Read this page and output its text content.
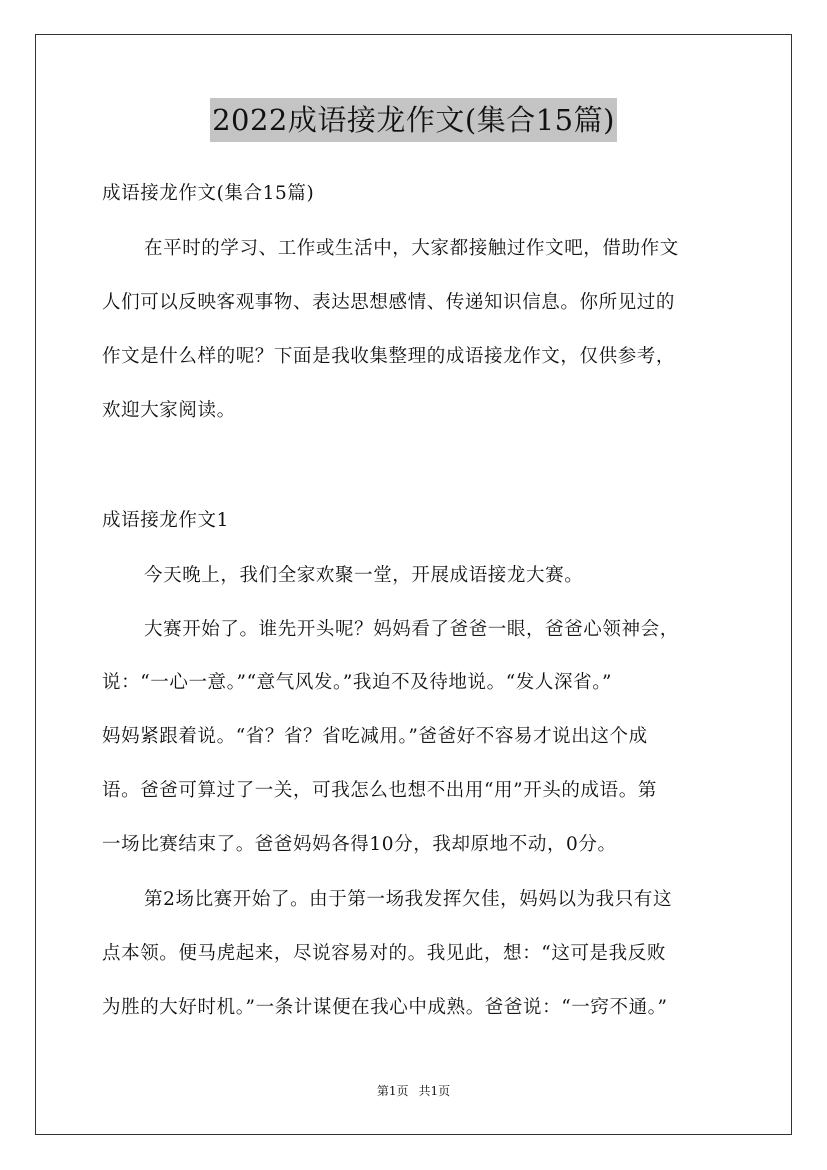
2022成语接龙作文(集合15篇)
成语接龙作文(集合15篇)
在平时的学习、工作或生活中，大家都接触过作文吧，借助作文
人们可以反映客观事物、表达思想感情、传递知识信息。你所见过的
作文是什么样的呢？下面是我收集整理的成语接龙作文，仅供参考，
欢迎大家阅读。
成语接龙作文1
今天晚上，我们全家欢聚一堂，开展成语接龙大赛。
大赛开始了。谁先开头呢？妈妈看了爸爸一眼，爸爸心领神会，
说：“一心一意。”“意气风发。”我迫不及待地说。“发人深省。”
妈妈紧跟着说。“省？省？省吃减用。”爸爸好不容易才说出这个成
语。爸爸可算过了一关，可我怎么也想不出用“用”开头的成语。第
一场比赛结束了。爸爸妈妈各得10分，我却原地不动，0分。
第2场比赛开始了。由于第一场我发挥欠佳，妈妈以为我只有这
点本领。便马虎起来，尽说容易对的。我见此，想：“这可是我反败
为胜的大好时机。”一条计谋便在我心中成熟。爸爸说：“一窍不通。”
第1页 共1页
